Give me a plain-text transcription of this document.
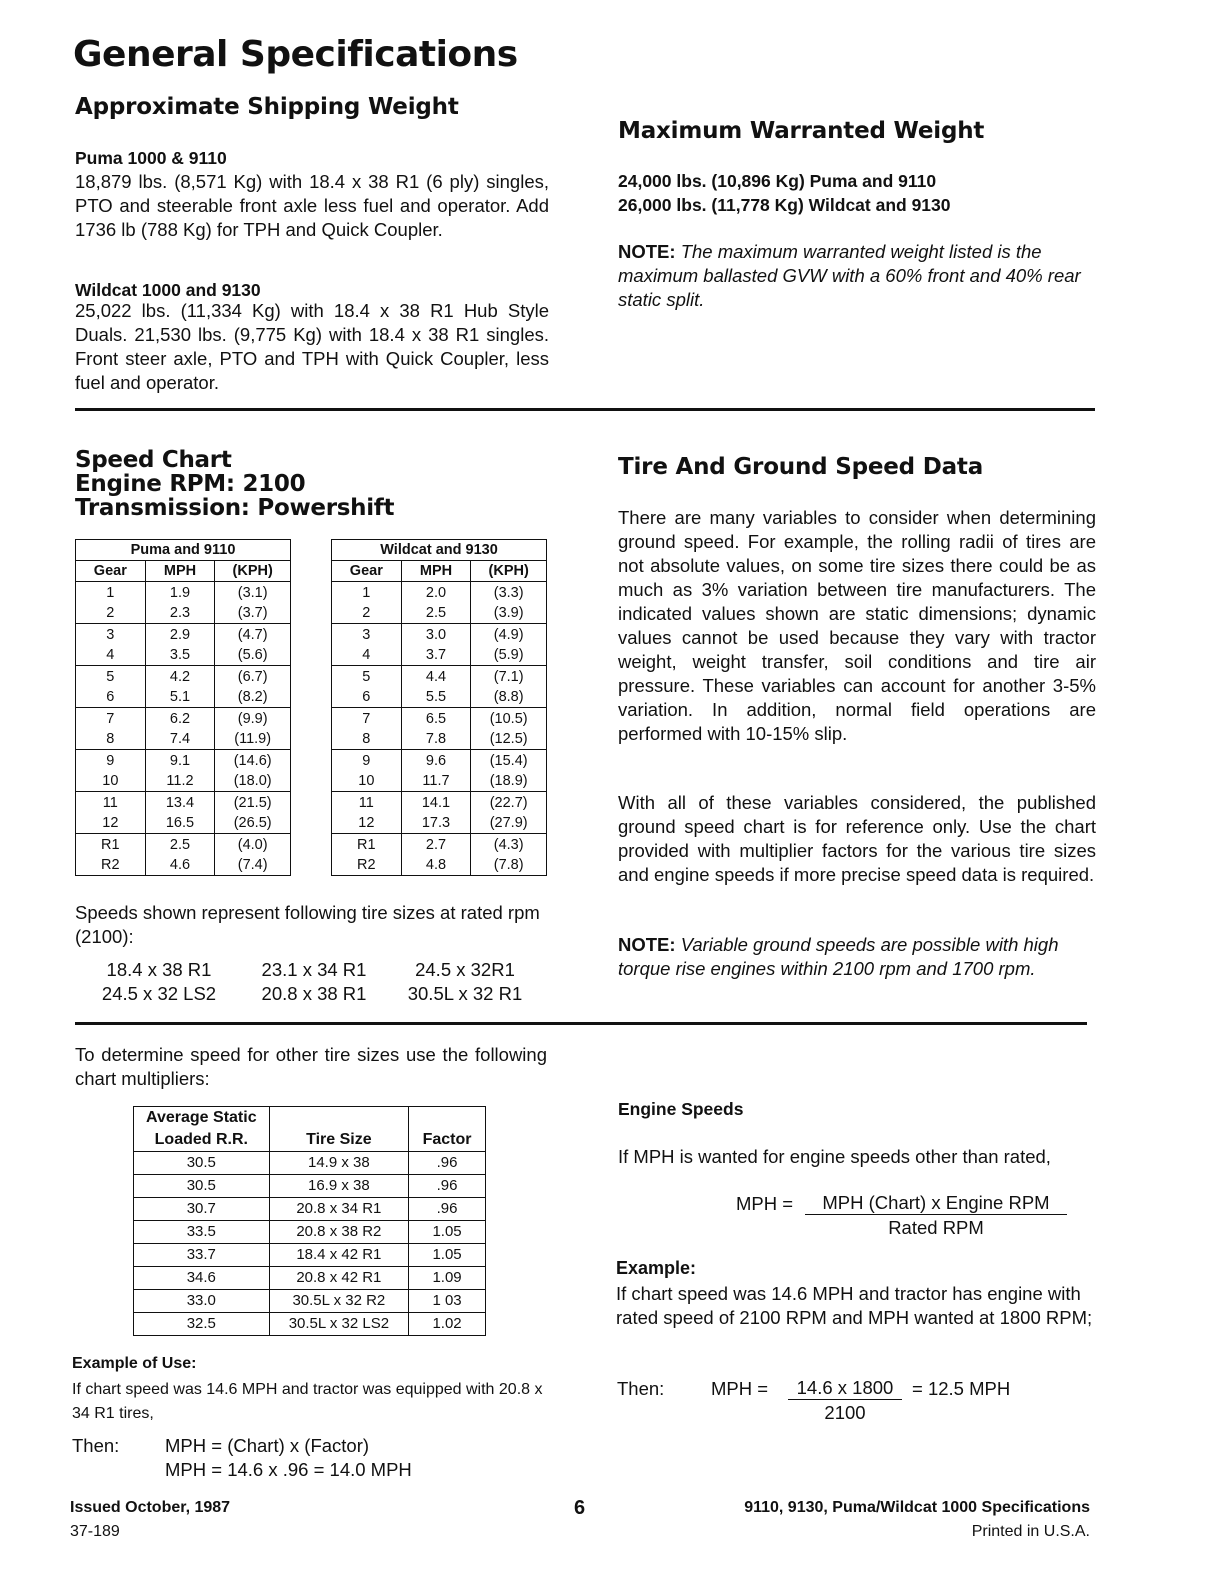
General Specifications
Approximate Shipping Weight
Puma 1000 & 9110
18,879 lbs. (8,571 Kg) with 18.4 x 38 R1 (6 ply) singles, PTO and steerable front axle less fuel and operator. Add 1736 lb (788 Kg) for TPH and Quick Coupler.
Wildcat 1000 and 9130
25,022 lbs. (11,334 Kg) with 18.4 x 38 R1 Hub Style Duals. 21,530 lbs. (9,775 Kg) with 18.4 x 38 R1 singles. Front steer axle, PTO and TPH with Quick Coupler, less fuel and operator.
Maximum Warranted Weight
24,000 lbs. (10,896 Kg) Puma and 9110
26,000 lbs. (11,778 Kg) Wildcat and 9130
NOTE: The maximum warranted weight listed is the maximum ballasted GVW with a 60% front and 40% rear static split.
Speed Chart
Engine RPM: 2100
Transmission: Powershift
Puma and 9110		
Gear	MPH	(KPH)
1	1.9	(3.1)
2	2.3	(3.7)
3	2.9	(4.7)
4	3.5	(5.6)
5	4.2	(6.7)
6	5.1	(8.2)
7	6.2	(9.9)
8	7.4	(11.9)
9	9.1	(14.6)
10	11.2	(18.0)
11	13.4	(21.5)
12	16.5	(26.5)
R1	2.5	(4.0)
R2	4.6	(7.4)
Wildcat and 9130		
Gear	MPH	(KPH)
1	2.0	(3.3)
2	2.5	(3.9)
3	3.0	(4.9)
4	3.7	(5.9)
5	4.4	(7.1)
6	5.5	(8.8)
7	6.5	(10.5)
8	7.8	(12.5)
9	9.6	(15.4)
10	11.7	(18.9)
11	14.1	(22.7)
12	17.3	(27.9)
R1	2.7	(4.3)
R2	4.8	(7.8)
Speeds shown represent following tire sizes at rated rpm (2100):
18.4 x 38 R1	23.1 x 34 R1	24.5 x 32R1
24.5 x 32 LS2	20.8 x 38 R1	30.5L x 32 R1
Tire And Ground Speed Data
There are many variables to consider when determining ground speed. For example, the rolling radii of tires are not absolute values, on some tire sizes there could be as much as 3% variation between tire manufacturers. The indicated values shown are static dimensions; dynamic values cannot be used because they vary with tractor weight, weight transfer, soil conditions and tire air pressure. These variables can account for another 3-5% variation. In addition, normal field operations are performed with 10-15% slip.
With all of these variables considered, the published ground speed chart is for reference only. Use the chart provided with multiplier factors for the various tire sizes and engine speeds if more precise speed data is required.
NOTE: Variable ground speeds are possible with high torque rise engines within 2100 rpm and 1700 rpm.
To determine speed for other tire sizes use the following chart multipliers:
Average Static
Loaded R.R.	Tire Size	Factor
30.5	14.9 x 38	.96
30.5	16.9 x 38	.96
30.7	20.8 x 34 R1	.96
33.5	20.8 x 38 R2	1.05
33.7	18.4 x 42 R1	1.05
34.6	20.8 x 42 R1	1.09
33.0	30.5L x 32 R2	1 03
32.5	30.5L x 32 LS2	1.02
Example of Use:
If chart speed was 14.6 MPH and tractor was equipped with 20.8 x 34 R1 tires,
Then: MPH = (Chart) x (Factor)
MPH = 14.6 x .96 = 14.0 MPH
Engine Speeds
If MPH is wanted for engine speeds other than rated,
MPH =	MPH (Chart) x Engine RPM
Rated RPM
Example:
If chart speed was 14.6 MPH and tractor has engine with rated speed of 2100 RPM and MPH wanted at 1800 RPM;
Then:	MPH =	14.6 x 1800	= 12.5 MPH
2100
Issued October, 1987
37-189
6	9110, 9130, Puma/Wildcat 1000 Specifications
Printed in U.S.A.
